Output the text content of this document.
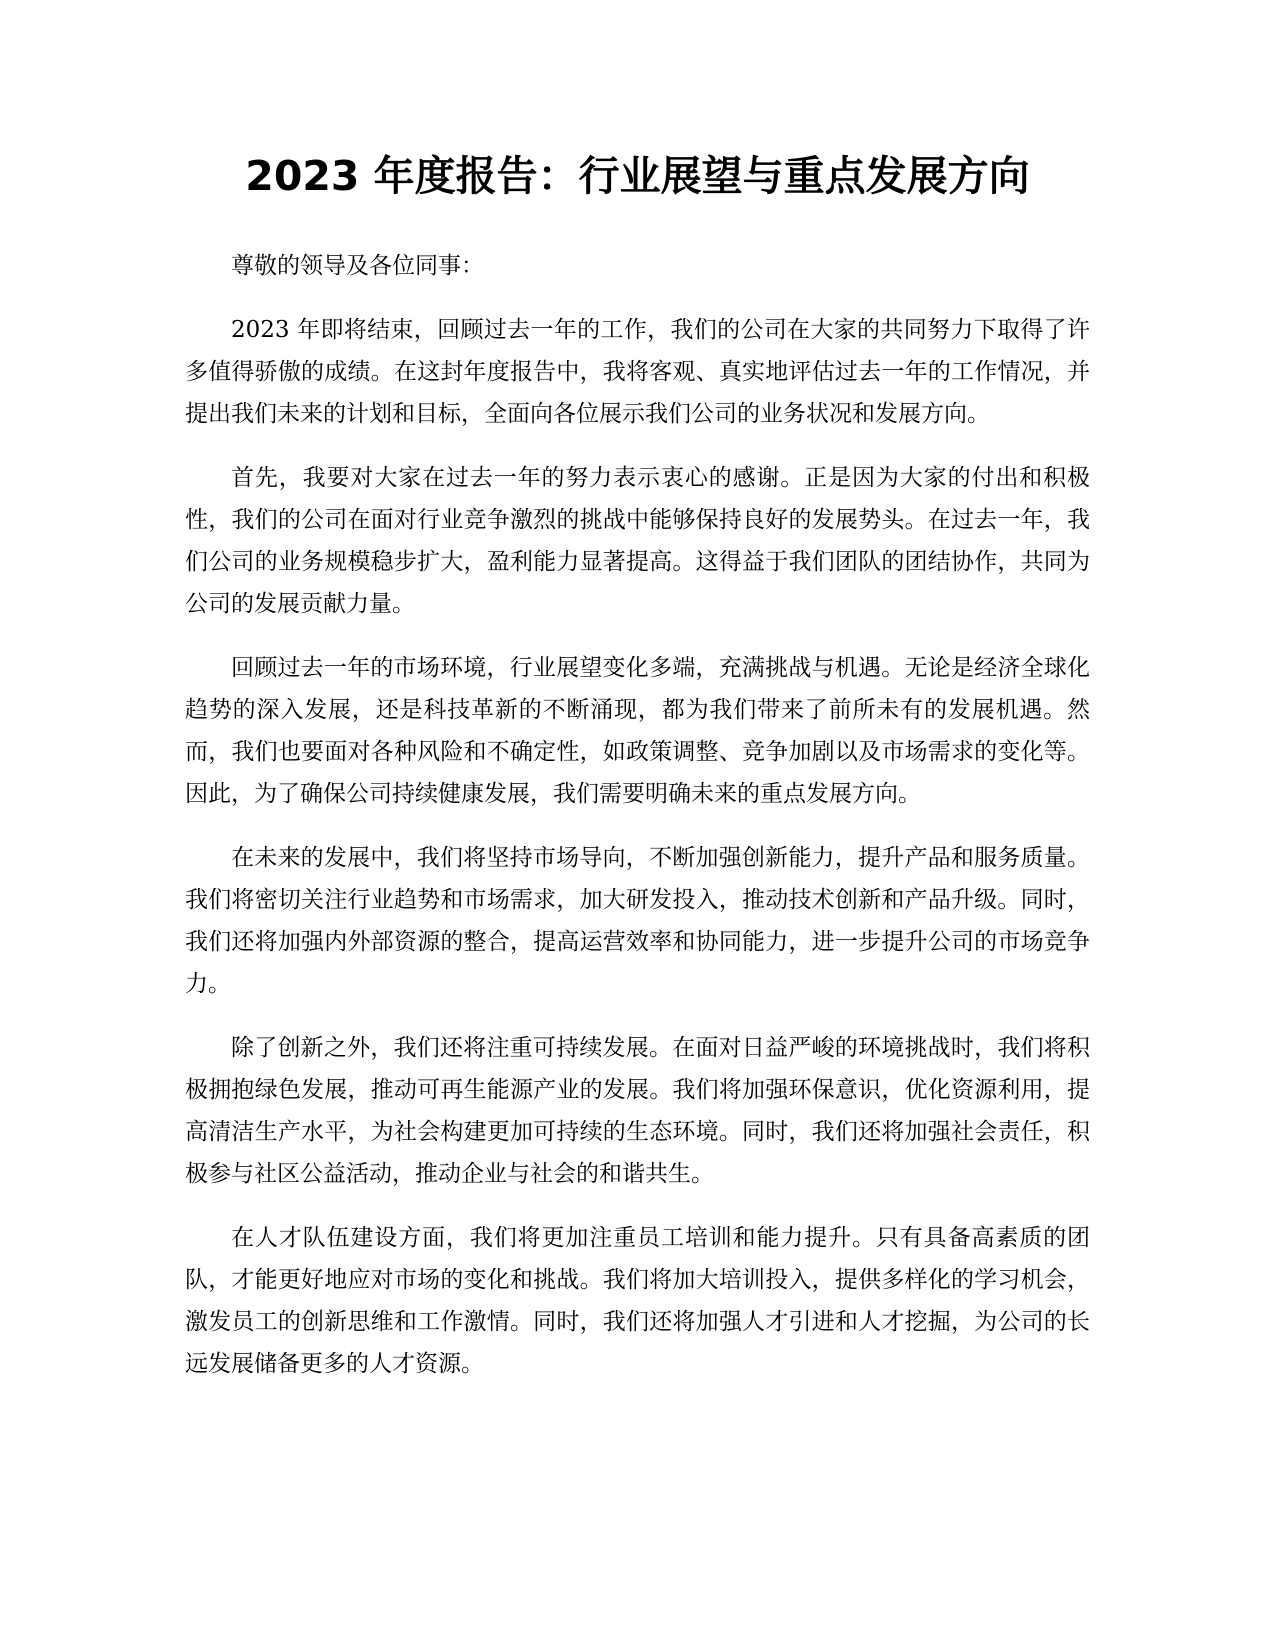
2023 年度报告：行业展望与重点发展方向

尊敬的领导及各位同事：

2023 年即将结束，回顾过去一年的工作，我们的公司在大家的共同努力下取得了许多值得骄傲的成绩。在这封年度报告中，我将客观、真实地评估过去一年的工作情况，并提出我们未来的计划和目标，全面向各位展示我们公司的业务状况和发展方向。

首先，我要对大家在过去一年的努力表示衷心的感谢。正是因为大家的付出和积极性，我们的公司在面对行业竞争激烈的挑战中能够保持良好的发展势头。在过去一年，我们公司的业务规模稳步扩大，盈利能力显著提高。这得益于我们团队的团结协作，共同为公司的发展贡献力量。

回顾过去一年的市场环境，行业展望变化多端，充满挑战与机遇。无论是经济全球化趋势的深入发展，还是科技革新的不断涌现，都为我们带来了前所未有的发展机遇。然而，我们也要面对各种风险和不确定性，如政策调整、竞争加剧以及市场需求的变化等。因此，为了确保公司持续健康发展，我们需要明确未来的重点发展方向。

在未来的发展中，我们将坚持市场导向，不断加强创新能力，提升产品和服务质量。我们将密切关注行业趋势和市场需求，加大研发投入，推动技术创新和产品升级。同时，我们还将加强内外部资源的整合，提高运营效率和协同能力，进一步提升公司的市场竞争力。

除了创新之外，我们还将注重可持续发展。在面对日益严峻的环境挑战时，我们将积极拥抱绿色发展，推动可再生能源产业的发展。我们将加强环保意识，优化资源利用，提高清洁生产水平，为社会构建更加可持续的生态环境。同时，我们还将加强社会责任，积极参与社区公益活动，推动企业与社会的和谐共生。

在人才队伍建设方面，我们将更加注重员工培训和能力提升。只有具备高素质的团队，才能更好地应对市场的变化和挑战。我们将加大培训投入，提供多样化的学习机会，激发员工的创新思维和工作激情。同时，我们还将加强人才引进和人才挖掘，为公司的长远发展储备更多的人才资源。
